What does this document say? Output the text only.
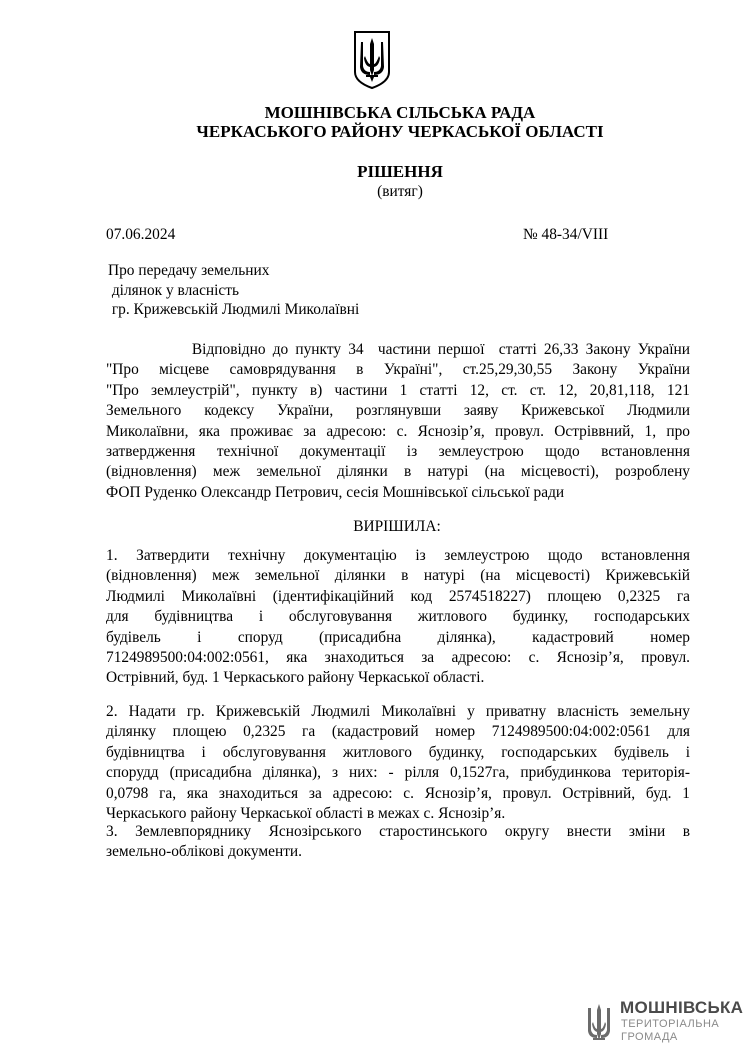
МОШНІВСЬКА СІЛЬСЬКА РАДА
ЧЕРКАСЬКОГО РАЙОНУ ЧЕРКАСЬКОЇ ОБЛАСТІ
РІШЕННЯ
(витяг)
07.06.2024	№ 48-34/VIII
Про передачу земельних
ділянок у власність
гр. Крижевській Людмилі Миколаївні
Відповідно до пункту 34  частини першої  статті 26,33 Закону України
"Про місцеве самоврядування в Україні", ст.25,29,30,55 Закону України
"Про землеустрій", пункту в) частини 1 статті 12, ст. ст. 12, 20,81,118, 121
Земельного кодексу України, розглянувши заяву Крижевської Людмили
Миколаївни, яка проживає за адресою: с. Яснозір’я, провул. Остріввний, 1, про
затвердження технічної документації із землеустрою щодо встановлення
(відновлення) меж земельної ділянки в натурі (на місцевості), розроблену
ФОП Руденко Олександр Петрович, сесія Мошнівської сільської ради
ВИРІШИЛА:
1. Затвердити технічну документацію із землеустрою щодо встановлення
(відновлення) меж земельної ділянки в натурі (на місцевості) Крижевській
Людмилі Миколаївні (ідентифікаційний код 2574518227) площею 0,2325 га
для будівництва і обслуговування житлового будинку, господарських
будівель і споруд (присадибна ділянка), кадастровий номер
7124989500:04:002:0561, яка знаходиться за адресою: с. Яснозір’я, провул.
Острівний, буд. 1 Черкаського району Черкаської області.
2. Надати гр. Крижевській Людмилі Миколаївні у приватну власність земельну
ділянку площею 0,2325 га (кадастровий номер 7124989500:04:002:0561 для
будівництва і обслуговування житлового будинку, господарських будівель і
спорудд (присадибна ділянка), з них: - рілля 0,1527га, прибудинкова територія-
0,0798 га, яка знаходиться за адресою: с. Яснозір’я, провул. Острівний, буд. 1
Черкаського району Черкаської області в межах с. Яснозір’я.
3. Землевпоряднику Яснозірського старостинського округу внести зміни в
земельно-облікові документи.
МОШНІВСЬКА
ТЕРИТОРІАЛЬНА
ГРОМАДА
